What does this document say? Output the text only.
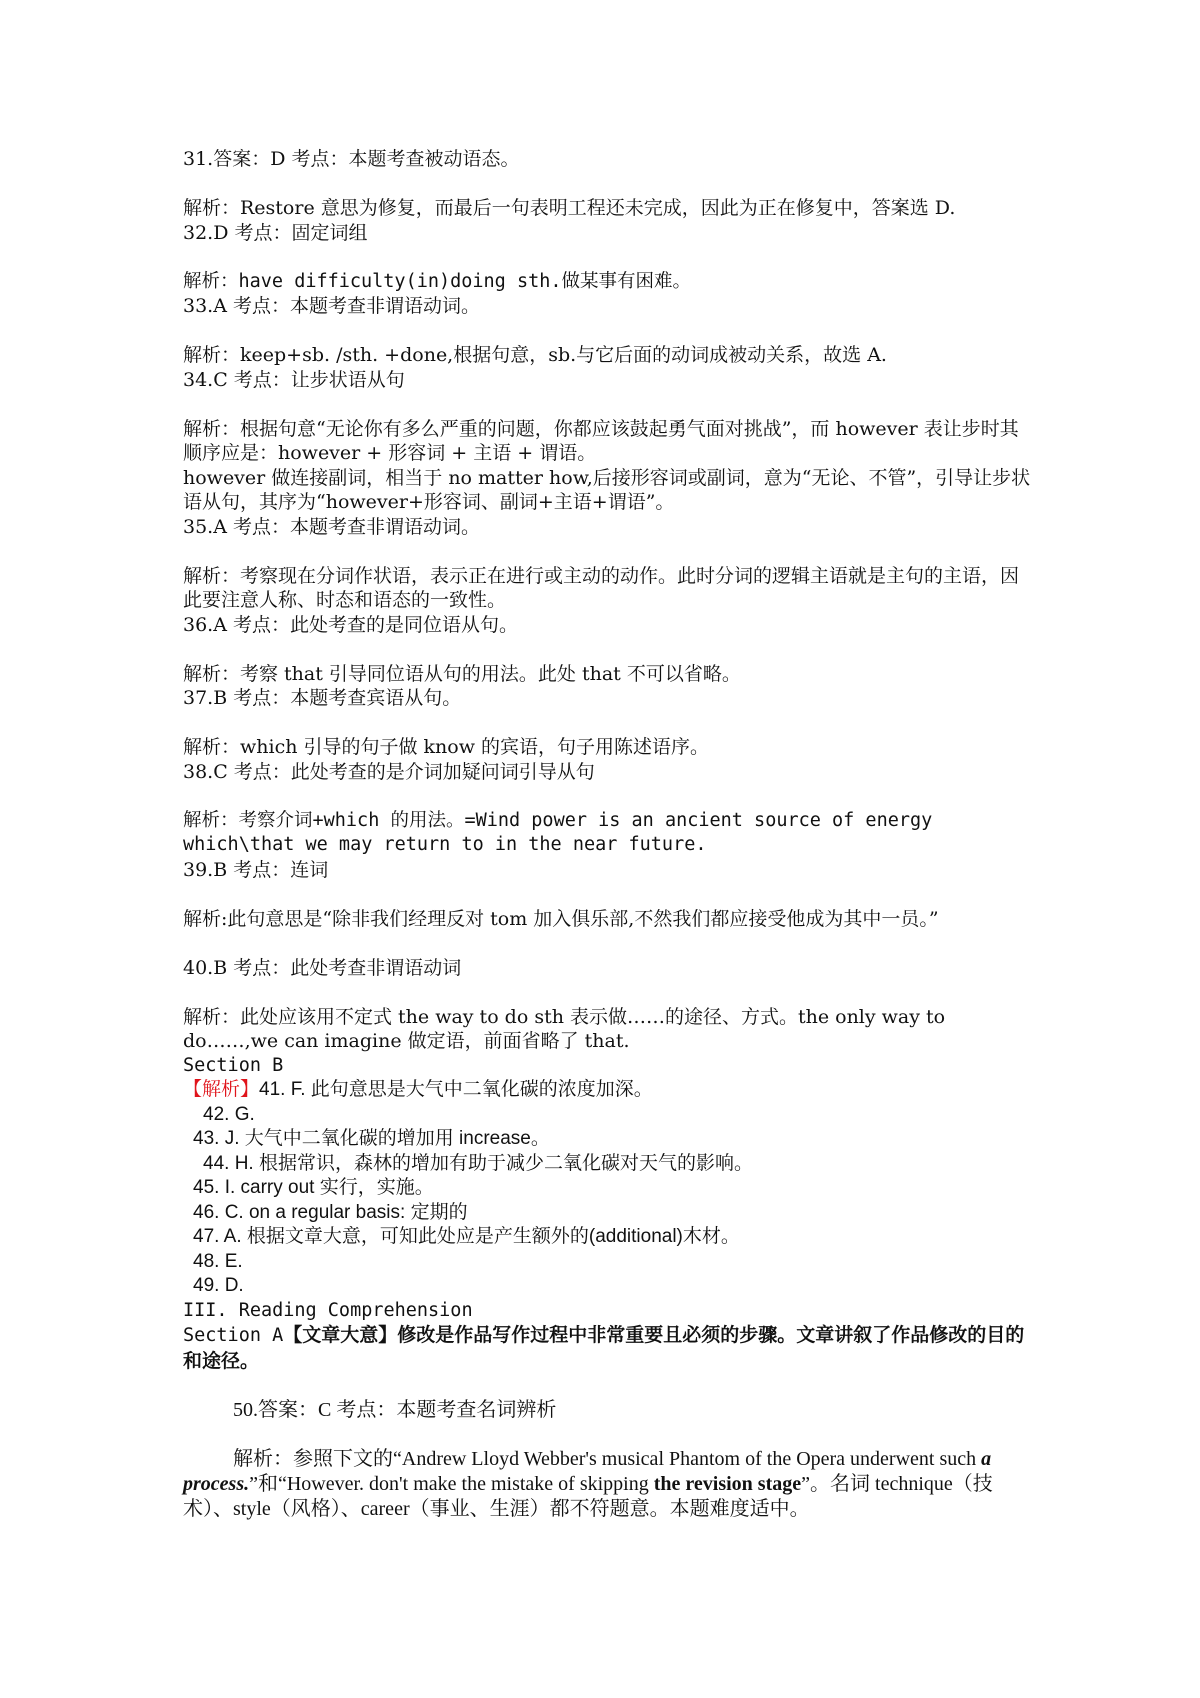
31.答案：D 考点：本题考查被动语态。
解析：Restore 意思为修复，而最后一句表明工程还未完成，因此为正在修复中，答案选 D.
32.D 考点：固定词组
解析：have difficulty(in)doing sth.做某事有困难。
33.A 考点：本题考查非谓语动词。
解析：keep+sb. /sth. +done,根据句意，sb.与它后面的动词成被动关系，故选 A.
34.C 考点：让步状语从句
解析：根据句意“无论你有多么严重的问题，你都应该鼓起勇气面对挑战”，而 however 表让步时其顺序应是：however + 形容词 + 主语 + 谓语。
however 做连接副词，相当于 no matter how,后接形容词或副词，意为“无论、不管”，引导让步状语从句，其序为“however+形容词、副词+主语+谓语”。
35.A 考点：本题考查非谓语动词。
解析：考察现在分词作状语，表示正在进行或主动的动作。此时分词的逻辑主语就是主句的主语，因此要注意人称、时态和语态的一致性。
36.A 考点：此处考查的是同位语从句。
解析：考察 that 引导同位语从句的用法。此处 that 不可以省略。
37.B 考点：本题考查宾语从句。
解析：which 引导的句子做 know 的宾语，句子用陈述语序。
38.C 考点：此处考查的是介词加疑问词引导从句
解析：考察介词+which 的用法。=Wind power is an ancient source of energy which\that we may return to in the near future.
39.B 考点：连词
解析:此句意思是“除非我们经理反对 tom 加入俱乐部,不然我们都应接受他成为其中一员。”
40.B 考点：此处考查非谓语动词
解析：此处应该用不定式 the way to do sth 表示做……的途径、方式。the only way to do……,we can imagine 做定语，前面省略了 that.
Section B
【解析】41. F. 此句意思是大气中二氧化碳的浓度加深。
42. G.
43. J. 大气中二氧化碳的增加用 increase。
44. H. 根据常识，森林的增加有助于减少二氧化碳对天气的影响。
45. I. carry out 实行，实施。
46. C. on a regular basis: 定期的
47. A. 根据文章大意，可知此处应是产生额外的(additional)木材。
48. E.
49. D.
III. Reading Comprehension
Section A【文章大意】修改是作品写作过程中非常重要且必须的步骤。文章讲叙了作品修改的目的和途径。
50.答案：C 考点：本题考查名词辨析
解析：参照下文的“Andrew Lloyd Webber's musical Phantom of the Opera underwent such a process.”和“However. don't make the mistake of skipping the revision stage”。名词 technique（技术）、style（风格）、career（事业、生涯）都不符题意。本题难度适中。
